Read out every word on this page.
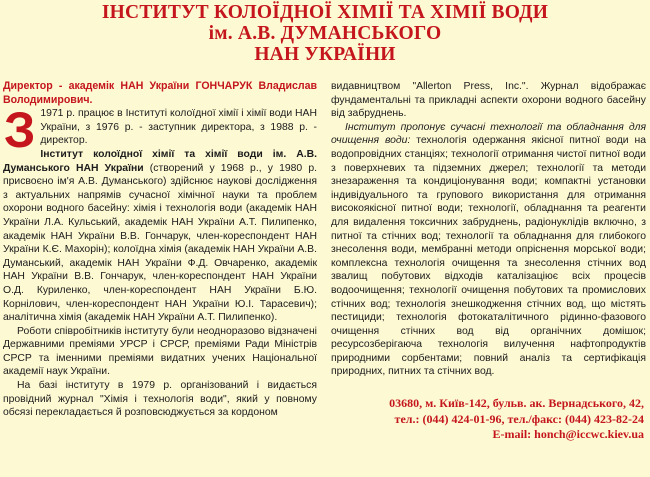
ІНСТИТУТ КОЛОЇДНОЇ ХІМІЇ ТА ХІМІЇ ВОДИ
ім. А.В. ДУМАНСЬКОГО
НАН УКРАЇНИ

Директор - академік НАН України ГОНЧАРУК Владислав Володимирович.

З 1971 р. працює в Інституті колоїдної хімії і хімії води НАН України, з 1976 р. - заступник директора, з 1988 р. - директор.

Інститут колоїдної хімії та хімії води ім. А.В. Думанського НАН України (створений у 1968 р., у 1980 р. присвоєно ім'я А.В. Думанського) здійснює наукові дослідження з актуальних напрямів сучасної хімічної науки та проблем охорони водного басейну: хімія і технологія води (академік НАН України Л.А. Кульський, академік НАН України А.Т. Пилипенко, академік НАН України В.В. Гончарук, член-кореспондент НАН України К.Є. Махорін); колоїдна хімія (академік НАН України А.В. Думанський, академік НАН України Ф.Д. Овчаренко, академік НАН України В.В. Гончарук, член-кореспондент НАН України О.Д. Куриленко, член-кореспондент НАН України Б.Ю. Корнілович, член-кореспондент НАН України Ю.І. Тарасевич); аналітична хімія (академік НАН України А.Т. Пилипенко).

Роботи співробітників інституту були неодноразово відзначені Державними преміями УРСР і СРСР, преміями Ради Міністрів СРСР та іменними преміями видатних учених Національної академії наук України.

На базі інституту в 1979 р. організований і видається провідний журнал "Хімія і технологія води", який у повному обсязі перекладається й розповсюджується за кордоном

видавництвом "Allerton Press, Inc.". Журнал відображає фундаментальні та прикладні аспекти охорони водного басейну від забруднень.

Інститут пропонує сучасні технології та обладнання для очищення води: технологія одержання якісної питної води на водопровідних станціях; технології отримання чистої питної води з поверхневих та підземних джерел; технології та методи знезараження та кондиціонування води; компактні установки індивідуального та групового використання для отримання високоякісної питної води; технології, обладнання та реагенти для видалення токсичних забруднень, радіонуклідів включно, з питної та стічних вод; технології та обладнання для глибокого знесолення води, мембранні методи опріснення морської води; комплексна технологія очищення та знесолення стічних вод звалищ побутових відходів каталізаціює всіх процесів водоочищення; технології очищення побутових та промислових стічних вод; технологія знешкодження стічних вод, що містять пестициди; технологія фотокаталітичного рідинно-фазового очищення стічних вод від органічних домішок; ресурсозберігаюча технологія вилучення нафтопродуктів природними сорбентами; повний аналіз та сертифікація природних, питних та стічних вод.

03680, м. Київ-142, бульв. ак. Вернадського, 42,
тел.: (044) 424-01-96, тел./факс: (044) 423-82-24
E-mail: honch@iccwc.kiev.ua
